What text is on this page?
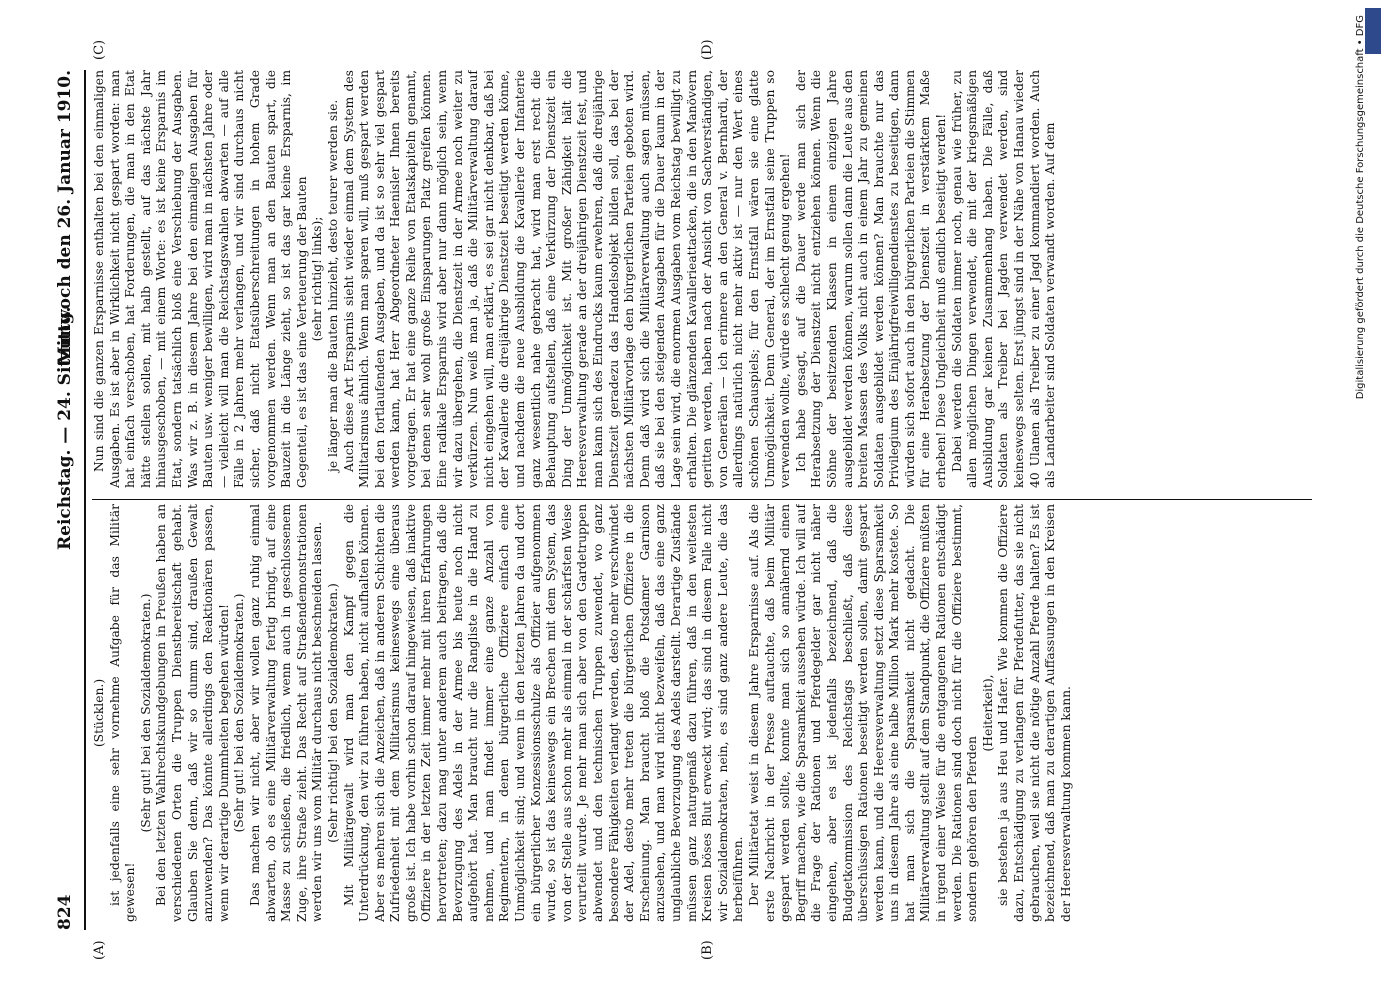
824
Reichstag. — 24. Sitzung.
Mittwoch den 26. Januar 1910.
(A)	(B)
(C)	(D)

(Stücklen.) ist jedenfalls eine sehr vornehme Aufgabe für das Militär gewesen!

(Sehr gut! bei den Sozialdemokraten.) Bei den letzten Wahlrechtskundgebungen in Preußen haben an verschiedenen Orten die Truppen Dienstbereitschaft gehabt. Glauben Sie denn, daß wir so dumm sind, draußen Gewalt anzuwenden? Das könnte allerdings den Reaktionären passen, wenn wir derartige Dummheiten begehen würden! (Sehr gut! bei den Sozialdemokraten.) Das machen wir nicht, aber wir wollen ganz ruhig einmal abwarten, ob es eine Militärverwaltung fertig bringt, auf eine Masse zu schießen, die friedlich, wenn auch in geschlossenem Zuge, ihre Straße zieht. Das Recht auf Straßendemonstrationen werden wir uns vom Militär durchaus nicht beschneiden lassen. (Sehr richtig! bei den Sozialdemokraten.) Mit Militärgewalt wird man den Kampf gegen die Unterdrückung, den wir zu führen haben, nicht aufhalten können. Aber es mehren sich die Anzeichen, daß in anderen Schichten die Zufriedenheit mit dem Militarismus keineswegs eine überaus große ist. Ich habe vorhin schon darauf hingewiesen, daß inaktive Offiziere in der letzten Zeit immer mehr mit ihren Erfahrungen hervortreten; dazu mag unter anderem auch beitragen, daß die Bevorzugung des Adels in der Armee bis heute noch nicht aufgehört hat. Man braucht nur die Rangliste in die Hand zu nehmen, und man findet immer eine ganze Anzahl von Regimentern, in denen bürgerliche Offiziere einfach eine Unmöglichkeit sind; und wenn in den letzten Jahren da und dort ein bürgerlicher Konzessionsschulze als Offizier aufgenommen wurde, so ist das keineswegs ein Brechen mit dem System, das von der Stelle aus schon mehr als einmal in der schärfsten Weise verurteilt wurde. Je mehr man sich aber von den Gardetruppen abwendet und den technischen Truppen zuwendet, wo ganz besondere Fähigkeiten verlangt werden, desto mehr verschwindet der Adel, desto mehr treten die bürgerlichen Offiziere in die Erscheinung. Man braucht bloß die Potsdamer Garnison anzusehen, und man wird nicht bezweifeln, daß das eine ganz unglaubliche Bevorzugung des Adels darstellt. Derartige Zustände müssen ganz naturgemäß dazu führen, daß in den weitesten Kreisen böses Blut erweckt wird; das sind in diesem Falle nicht wir Sozialdemokraten, nein, es sind ganz andere Leute, die das herbeiführen. Der Militäretat weist in diesem Jahre Ersparnisse auf. Als die erste Nachricht in der Presse auftauchte, daß beim Militär gespart werden sollte, konnte man sich so annähernd einen Begriff machen, wie die Sparsamkeit aussehen würde. Ich will auf die Frage der Rationen und Pferdegelder gar nicht näher eingehen, aber es ist jedenfalls bezeichnend, daß die Budgetkommission des Reichstags beschließt, daß diese überschüssigen Rationen beseitigt werden sollen, damit gespart werden kann, und die Heeresverwaltung setzt diese Sparsamkeit uns in diesem Jahre als eine halbe Million Mark mehr kostete. So hat man sich die Sparsamkeit nicht gedacht. Die Militärverwaltung stellt auf dem Standpunkt, die Offiziere müßten in irgend einer Weise für die entgangenen Rationen entschädigt werden. Die Rationen sind doch nicht für die Offiziere bestimmt, sondern gehören den Pferden

(Heiterkeit), sie bestehen ja aus Heu und Hafer. Wie kommen die Offiziere dazu, Entschädigung zu verlangen für Pferdefutter, das sie nicht gebrauchen, weil sie nicht die nötige Anzahl Pferde halten? Es ist bezeichnend, daß man zu derartigen Auffassungen in den Kreisen der Heeresverwaltung kommen kann.

Nun sind die ganzen Ersparnisse enthalten bei den einmaligen Ausgaben. Es ist aber in Wirklichkeit nicht gespart worden: man hat einfach verschoben, hat Forderungen, die man in den Etat hätte stellen sollen, mit halb gestellt, auf das nächste Jahr hinausgeschoben, — mit einem Worte: es ist keine Ersparnis im Etat, sondern tatsächlich bloß eine Verschiebung der Ausgaben. Was wir z. B. in diesem Jahre bei den einmaligen Ausgaben für Bauten usw. weniger bewilligen, wird man in nächsten Jahre oder — vielleicht will man die Reichstagswahlen abwarten — auf alle Fälle in 2 Jahren mehr verlangen, und wir sind durchaus nicht sicher, daß nicht Etatsüberschreitungen in hohem Grade vorgenommen werden. Wenn man an den Bauten spart, die Bauzeit in die Länge zieht, so ist das gar keine Ersparnis, im Gegenteil, es ist das eine Verteuerung der Bauten (sehr richtig! links); je länger man die Bauten hinzieht, desto teurer werden sie. Auch diese Art Ersparnis sieht wieder einmal dem System des Militarismus ähnlich. Wenn man sparen will, muß gespart werden bei den fortlaufenden Ausgaben, und da ist so sehr viel gespart werden kann, hat Herr Abgeordneter Haenisler Ihnen bereits vorgetragen. Er hat eine ganze Reihe von Etatskapiteln genannt, bei denen sehr wohl große Einsparungen Platz greifen können. Eine radikale Ersparnis wird aber nur dann möglich sein, wenn wir dazu übergehen, die Dienstzeit in der Armee noch weiter zu verkürzen. Nun weiß man ja, daß die Militärverwaltung darauf nicht eingehen will, man erklärt, es sei gar nicht denkbar, daß bei der Kavallerie die dreijährige Dienstzeit beseitigt werden könne, und nachdem die neue Ausbildung die Kavallerie der Infanterie ganz wesentlich nahe gebracht hat, wird man erst recht die Behauptung aufstellen, daß eine Verkürzung der Dienstzeit ein Ding der Unmöglichkeit ist. Mit großer Zähigkeit hält die Heeresverwaltung gerade an der dreijährigen Dienstzeit fest, und man kann sich des Eindrucks kaum erwehren, daß die dreijährige Dienstzeit geradezu das Handelsobjekt bilden soll, das bei der nächsten Militärvorlage den bürgerlichen Parteien geboten wird. Denn daß wird sich die Militärverwaltung auch sagen müssen, daß sie bei den steigenden Ausgaben für die Dauer kaum in der Lage sein wird, die enormen Ausgaben vom Reichstag bewilligt zu erhalten. Die glänzenden Kavallerieattacken, die in den Manövern geritten werden, haben nach der Ansicht von Sachverständigen, von Generälen — ich erinnere an den General v. Bernhardi, der allerdings natürlich nicht mehr aktiv ist — nur den Wert eines schönen Schauspiels; für den Ernstfall wären sie eine glatte Unmöglichkeit. Denn General, der im Ernstfall seine Truppen so verwenden wollte, würde es schlecht genug ergehen! Ich habe gesagt, auf die Dauer werde man sich der Herabsetzung der Dienstzeit nicht entziehen können. Wenn die Söhne der besitzenden Klassen in einem einzigen Jahre ausgebildet werden können, warum sollen dann die Leute aus den breiten Massen des Volks nicht auch in einem Jahr zu gemeinen Soldaten ausgebildet werden können? Man brauchte nur das Privilegium des Einjährigfreiwilligendienstes zu beseitigen, dann würden sich sofort auch in den bürgerlichen Parteien die Stimmen für eine Herabsetzung der Dienstzeit in verstärktem Maße erheben! Diese Ungleichheit muß endlich beseitigt werden! Dabei werden die Soldaten immer noch, genau wie früher, zu allen möglichen Dingen verwendet, die mit der kriegsmäßigen Ausbildung gar keinen Zusammenhang haben. Die Fälle, daß Soldaten als Treiber bei Jagden verwendet werden, sind keineswegs selten. Erst jüngst sind in der Nähe von Hanau wieder 40 Ulanen als Treiber zu einer Jagd kommandiert worden. Auch als Landarbeiter sind Soldaten verwandt worden. Auf dem	Digitalisierung gefördert durch die Deutsche Forschungsgemeinschaft • DFG
